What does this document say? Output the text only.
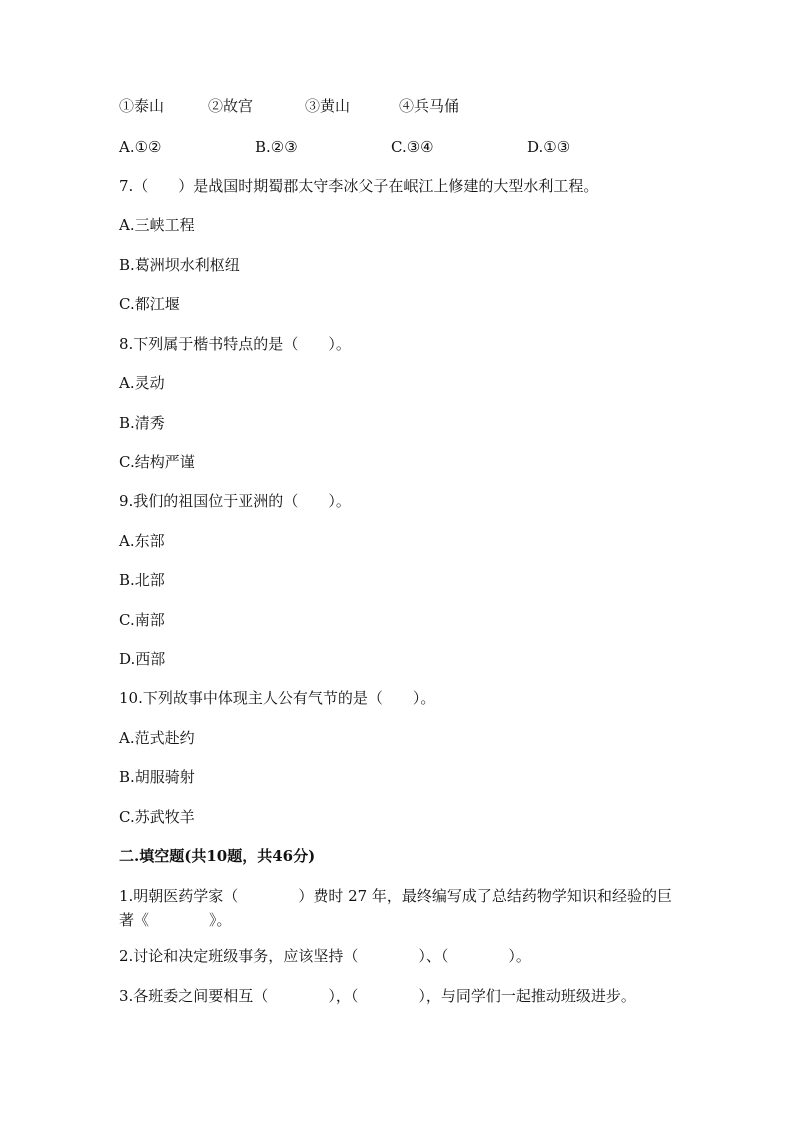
①泰山	②故宫	③黄山	④兵马俑
A.①②	B.②③	C.③④	D.①③
7.（　　）是战国时期蜀郡太守李冰父子在岷江上修建的大型水利工程。
A.三峡工程
B.葛洲坝水利枢纽
C.都江堰
8.下列属于楷书特点的是（　　）。
A.灵动
B.清秀
C.结构严谨
9.我们的祖国位于亚洲的（　　）。
A.东部
B.北部
C.南部
D.西部
10.下列故事中体现主人公有气节的是（　　）。
A.范式赴约
B.胡服骑射
C.苏武牧羊
二.填空题(共10题，共46分)
1.明朝医药学家（　　　　）费时 27 年，最终编写成了总结药物学知识和经验的巨著《　　　　》。
2.讨论和决定班级事务，应该坚持（　　　　）、（　　　　）。
3.各班委之间要相互（　　　　），（　　　　），与同学们一起推动班级进步。
